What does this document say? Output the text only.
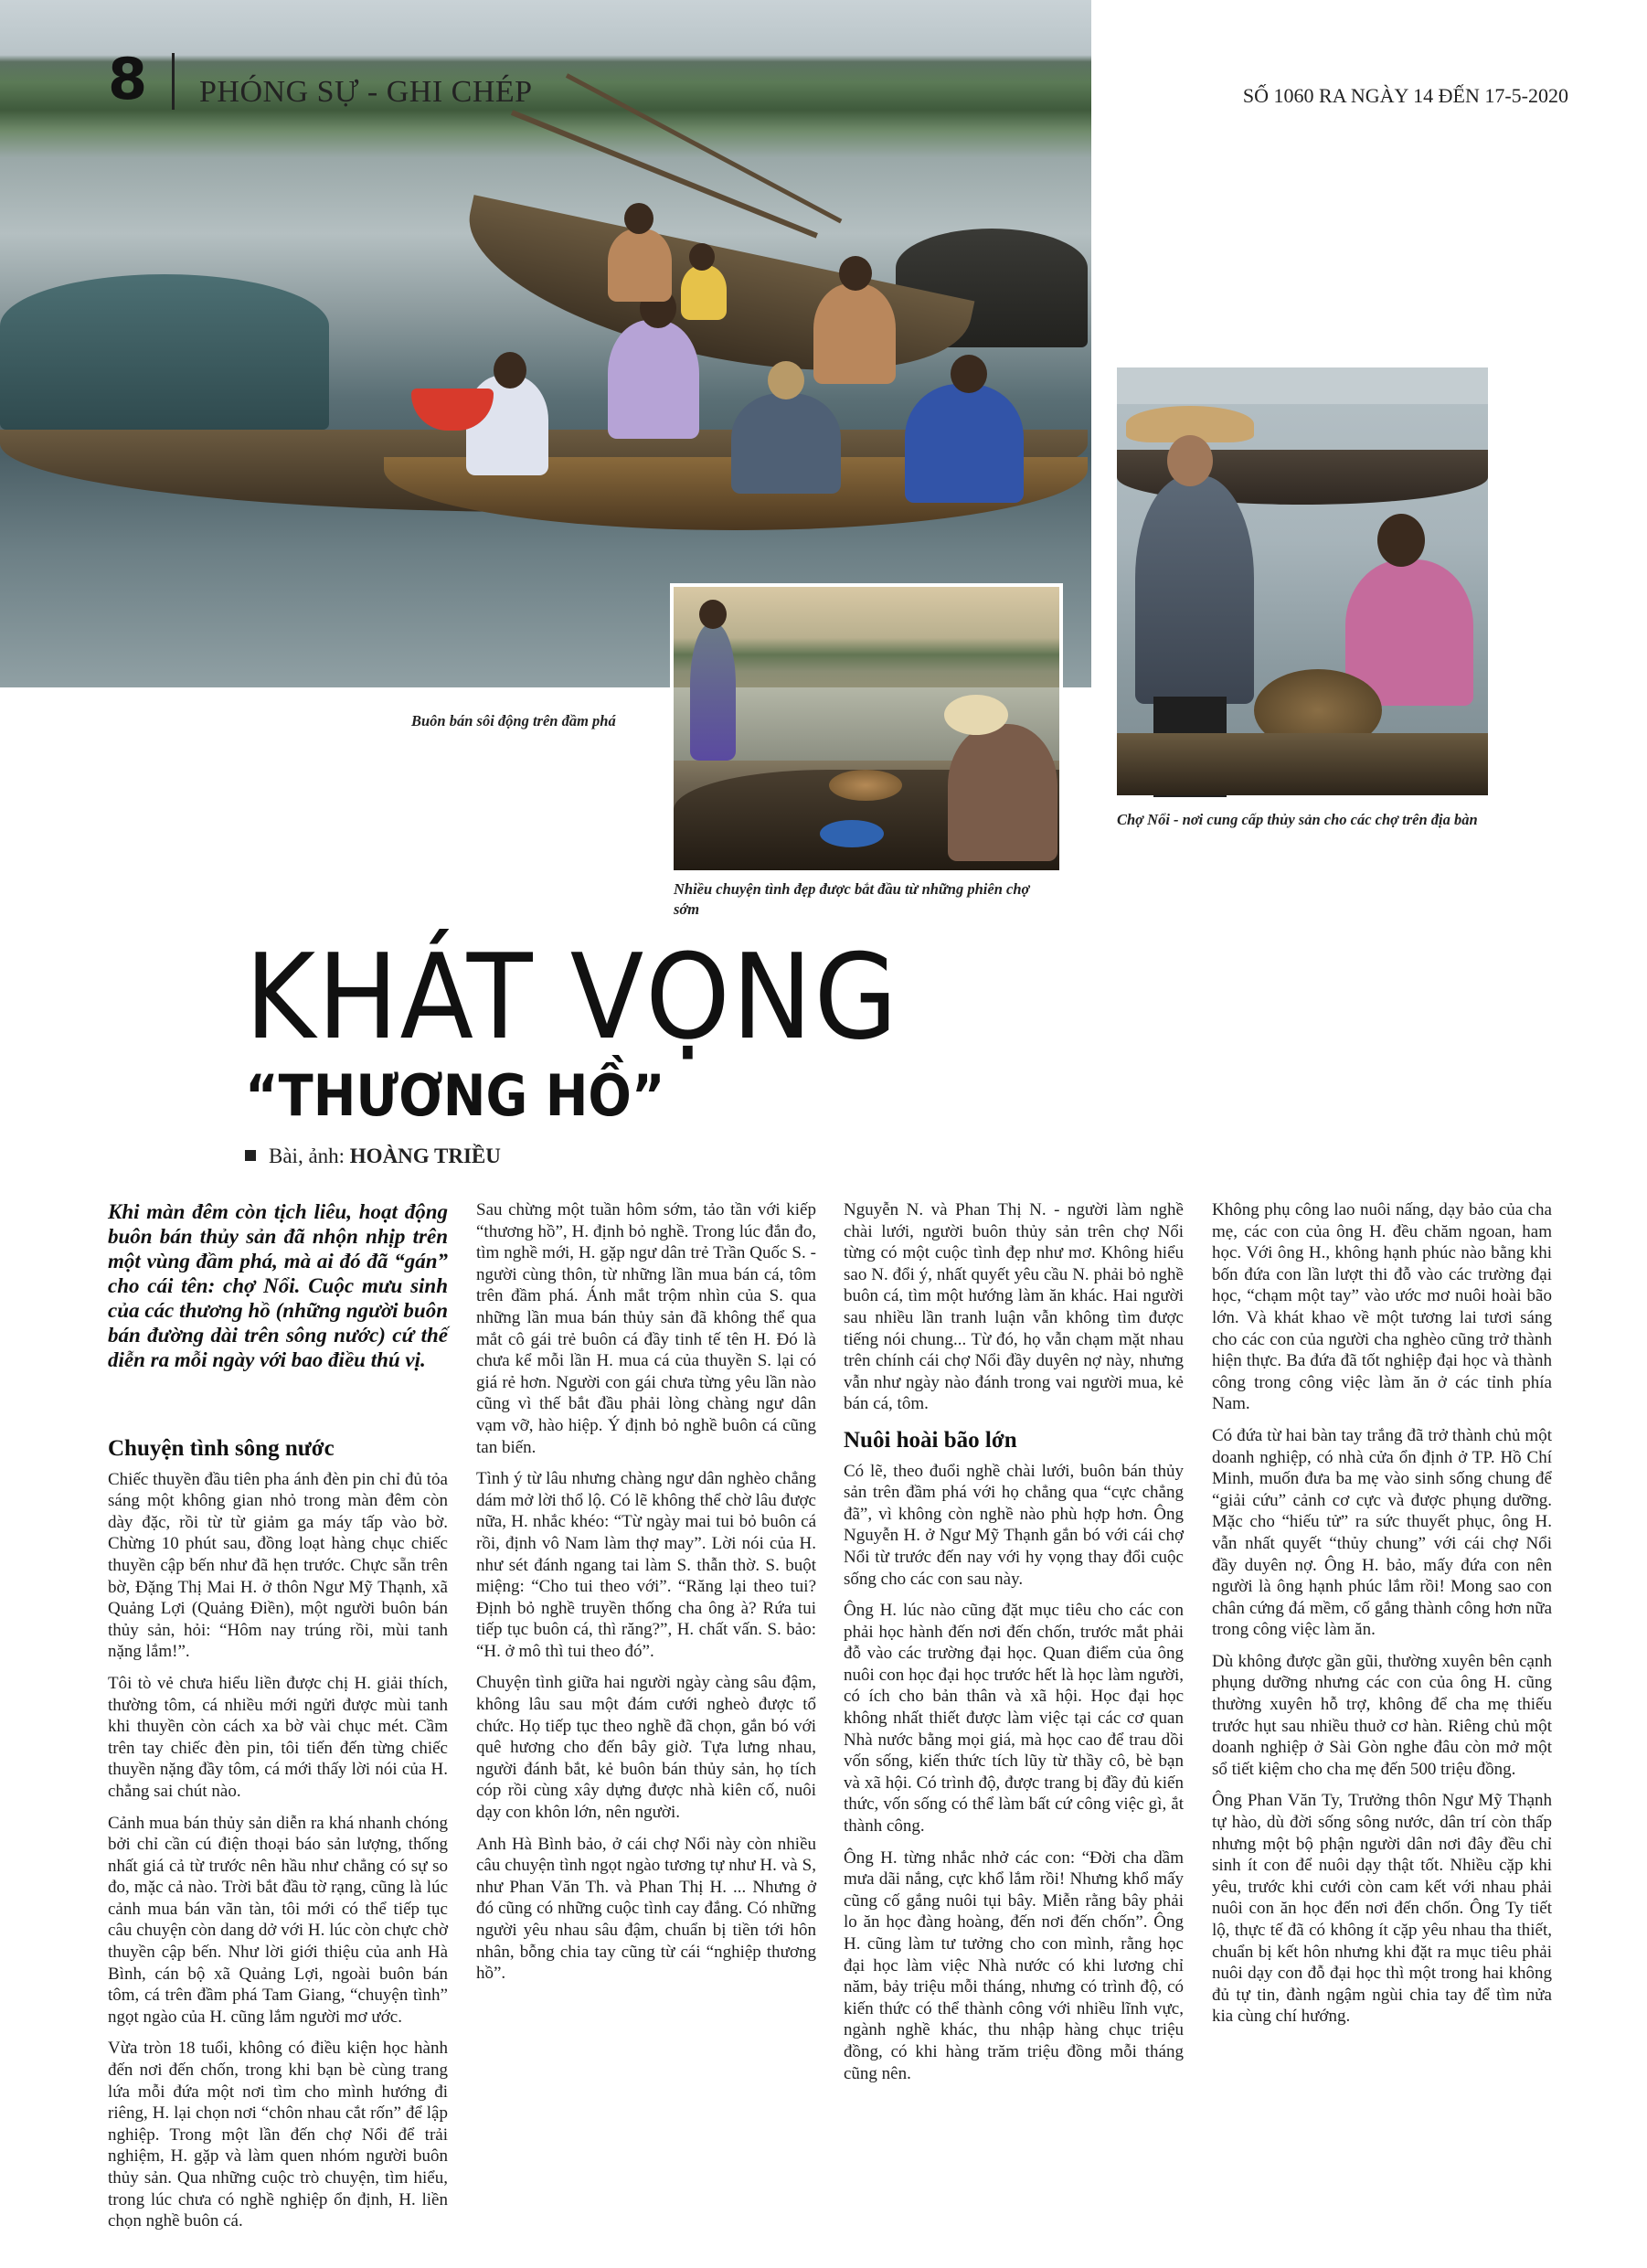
8 PHÓNG SỰ - GHI CHÉP	SỐ 1060 RA NGÀY 14 ĐẾN 17-5-2020
Buôn bán sôi động trên đầm phá
Nhiều chuyện tình đẹp được bắt đầu từ những phiên chợ sớm
Chợ Nổi - nơi cung cấp thủy sản cho các chợ trên địa bàn
KHÁT VỌNG
“THƯƠNG HỒ”
Bài, ảnh: HOÀNG TRIỀU

Khi màn đêm còn tịch liêu, hoạt động buôn bán thủy sản đã nhộn nhịp trên một vùng đầm phá, mà ai đó đã “gán” cho cái tên: chợ Nổi. Cuộc mưu sinh của các thương hồ (những người buôn bán đường dài trên sông nước) cứ thế diễn ra mỗi ngày với bao điều thú vị.

Chuyện tình sông nước

Chiếc thuyền đầu tiên pha ánh đèn pin chỉ đủ tỏa sáng một không gian nhỏ trong màn đêm còn dày đặc, rồi từ từ giảm ga máy tấp vào bờ. Chừng 10 phút sau, đồng loạt hàng chục chiếc thuyền cập bến như đã hẹn trước. Chực sẵn trên bờ, Đặng Thị Mai H. ở thôn Ngư Mỹ Thạnh, xã Quảng Lợi (Quảng Điền), một người buôn bán thủy sản, hỏi: “Hôm nay trúng rồi, mùi tanh nặng lắm!”.

Tôi tò vẻ chưa hiểu liền được chị H. giải thích, thường tôm, cá nhiều mới ngửi được mùi tanh khi thuyền còn cách xa bờ vài chục mét. Cầm trên tay chiếc đèn pin, tôi tiến đến từng chiếc thuyền nặng đầy tôm, cá mới thấy lời nói của H. chẳng sai chút nào.

Cảnh mua bán thủy sản diễn ra khá nhanh chóng bởi chỉ cần cú điện thoại báo sản lượng, thống nhất giá cả từ trước nên hầu như chẳng có sự so đo, mặc cả nào. Trời bắt đầu tờ rạng, cũng là lúc cảnh mua bán vãn tàn, tôi mới có thể tiếp tục câu chuyện còn dang dở với H. lúc còn chực chờ thuyền cập bến. Như lời giới thiệu của anh Hà Bình, cán bộ xã Quảng Lợi, ngoài buôn bán tôm, cá trên đầm phá Tam Giang, “chuyện tình” ngọt ngào của H. cũng lắm người mơ ước.

Vừa tròn 18 tuổi, không có điều kiện học hành đến nơi đến chốn, trong khi bạn bè cùng trang lứa mỗi đứa một nơi tìm cho mình hướng đi riêng, H. lại chọn nơi “chôn nhau cắt rốn” để lập nghiệp. Trong một lần đến chợ Nổi để trải nghiệm, H. gặp và làm quen nhóm người buôn thủy sản. Qua những cuộc trò chuyện, tìm hiểu, trong lúc chưa có nghề nghiệp ổn định, H. liền chọn nghề buôn cá.

Sau chừng một tuần hôm sớm, tảo tần với kiếp “thương hồ”, H. định bỏ nghề. Trong lúc đắn đo, tìm nghề mới, H. gặp ngư dân trẻ Trần Quốc S. - người cùng thôn, từ những lần mua bán cá, tôm trên đầm phá. Ánh mắt trộm nhìn của S. qua những lần mua bán thủy sản đã không thể qua mắt cô gái trẻ buôn cá đầy tinh tế tên H. Đó là chưa kể mỗi lần H. mua cá của thuyền S. lại có giá rẻ hơn. Người con gái chưa từng yêu lần nào cũng vì thế bắt đầu phải lòng chàng ngư dân vạm vỡ, hào hiệp. Ý định bỏ nghề buôn cá cũng tan biến.

Tình ý từ lâu nhưng chàng ngư dân nghèo chẳng dám mở lời thổ lộ. Có lẽ không thể chờ lâu được nữa, H. nhắc khéo: “Từ ngày mai tui bỏ buôn cá rồi, định vô Nam làm thợ may”. Lời nói của H. như sét đánh ngang tai làm S. thẫn thờ. S. buột miệng: “Cho tui theo với”. “Răng lại theo tui? Định bỏ nghề truyền thống cha ông à? Rứa tui tiếp tục buôn cá, thì răng?”, H. chất vấn. S. bảo: “H. ở mô thì tui theo đó”.

Chuyện tình giữa hai người ngày càng sâu đậm, không lâu sau một đám cưới ngheò được tổ chức. Họ tiếp tục theo nghề đã chọn, gắn bó với quê hương cho đến bây giờ. Tựa lưng nhau, người đánh bắt, kẻ buôn bán thủy sản, họ tích cóp rồi cùng xây dựng được nhà kiên cố, nuôi dạy con khôn lớn, nên người.

Anh Hà Bình bảo, ở cái chợ Nổi này còn nhiều câu chuyện tình ngọt ngào tương tự như H. và S, như Phan Văn Th. và Phan Thị H. ... Nhưng ở đó cũng có những cuộc tình cay đắng. Có những người yêu nhau sâu đậm, chuẩn bị tiền tới hôn nhân, bỗng chia tay cũng từ cái “nghiệp thương hồ”.

Nguyễn N. và Phan Thị N. - người làm nghề chài lưới, người buôn thủy sản trên chợ Nổi từng có một cuộc tình đẹp như mơ. Không hiểu sao N. đổi ý, nhất quyết yêu cầu N. phải bỏ nghề buôn cá, tìm một hướng làm ăn khác. Hai người sau nhiều lần tranh luận vẫn không tìm được tiếng nói chung... Từ đó, họ vẫn chạm mặt nhau trên chính cái chợ Nổi đầy duyên nợ này, nhưng vẫn như ngày nào đánh trong vai người mua, kẻ bán cá, tôm.

Nuôi hoài bão lớn

Có lẽ, theo đuổi nghề chài lưới, buôn bán thủy sản trên đầm phá với họ chẳng qua “cực chẳng đã”, vì không còn nghề nào phù hợp hơn. Ông Nguyễn H. ở Ngư Mỹ Thạnh gắn bó với cái chợ Nổi từ trước đến nay với hy vọng thay đổi cuộc sống cho các con sau này.

Ông H. lúc nào cũng đặt mục tiêu cho các con phải học hành đến nơi đến chốn, trước mắt phải đỗ vào các trường đại học. Quan điểm của ông nuôi con học đại học trước hết là học làm người, có ích cho bản thân và xã hội. Học đại học không nhất thiết được làm việc tại các cơ quan Nhà nước bằng mọi giá, mà học cao để trau dồi vốn sống, kiến thức tích lũy từ thầy cô, bè bạn và xã hội. Có trình độ, được trang bị đầy đủ kiến thức, vốn sống có thể làm bất cứ công việc gì, ắt thành công.

Ông H. từng nhắc nhở các con: “Đời cha dầm mưa dãi nắng, cực khổ lắm rồi! Nhưng khổ mấy cũng cố gắng nuôi tụi bây. Miễn rằng bây phải lo ăn học đàng hoàng, đến nơi đến chốn”. Ông H. cũng làm tư tưởng cho con mình, rằng học đại học làm việc Nhà nước có khi lương chỉ năm, bảy triệu mỗi tháng, nhưng có trình độ, có kiến thức có thể thành công với nhiều lĩnh vực, ngành nghề khác, thu nhập hàng chục triệu đồng, có khi hàng trăm triệu đồng mỗi tháng cũng nên.

Không phụ công lao nuôi nấng, dạy bảo của cha mẹ, các con của ông H. đều chăm ngoan, ham học. Với ông H., không hạnh phúc nào bằng khi bốn đứa con lần lượt thi đỗ vào các trường đại học, “chạm một tay” vào ước mơ nuôi hoài bão lớn. Và khát khao về một tương lai tươi sáng cho các con của người cha nghèo cũng trở thành hiện thực. Ba đứa đã tốt nghiệp đại học và thành công trong công việc làm ăn ở các tỉnh phía Nam.

Có đứa từ hai bàn tay trắng đã trở thành chủ một doanh nghiệp, có nhà cửa ổn định ở TP. Hồ Chí Minh, muốn đưa ba mẹ vào sinh sống chung để “giải cứu” cảnh cơ cực và được phụng dưỡng. Mặc cho “hiếu tử” ra sức thuyết phục, ông H. vẫn nhất quyết “thủy chung” với cái chợ Nổi đầy duyên nợ. Ông H. bảo, mấy đứa con nên người là ông hạnh phúc lắm rồi! Mong sao con chân cứng đá mềm, cố gắng thành công hơn nữa trong công việc làm ăn.

Dù không được gần gũi, thường xuyên bên cạnh phụng dưỡng nhưng các con của ông H. cũng thường xuyên hỗ trợ, không để cha mẹ thiếu trước hụt sau nhiều thuở cơ hàn. Riêng chủ một doanh nghiệp ở Sài Gòn nghe đâu còn mở một sổ tiết kiệm cho cha mẹ đến 500 triệu đồng.

Ông Phan Văn Ty, Trưởng thôn Ngư Mỹ Thạnh tự hào, dù đời sống sông nước, dân trí còn thấp nhưng một bộ phận người dân nơi đây đều chỉ sinh ít con để nuôi dạy thật tốt. Nhiều cặp khi yêu, trước khi cưới còn cam kết với nhau phải nuôi con ăn học đến nơi đến chốn. Ông Ty tiết lộ, thực tế đã có không ít cặp yêu nhau tha thiết, chuẩn bị kết hôn nhưng khi đặt ra mục tiêu phải nuôi dạy con đỗ đại học thì một trong hai không đủ tự tin, đành ngậm ngùi chia tay để tìm nửa kia cùng chí hướng.
